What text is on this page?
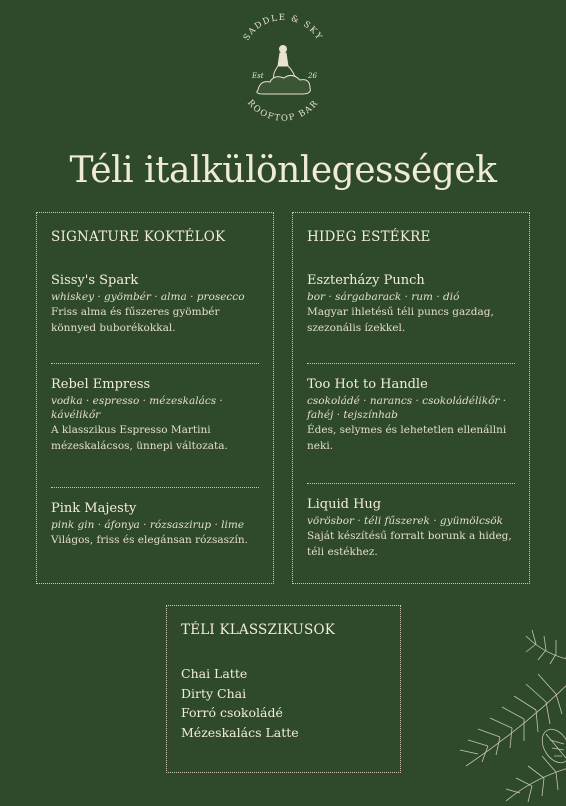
SADDLE & SKY
ROOFTOP BAR
Est	26
Téli italkülönlegességek
SIGNATURE KOKTÉLOK
Sissy's Spark
whiskey · gyömbér · alma · prosecco
Friss alma és fűszeres gyömbér könnyed buborékokkal.
Rebel Empress
vodka · espresso · mézeskalács · kávélikőr
A klasszikus Espresso Martini mézeskalácsos, ünnepi változata.
Pink Majesty
pink gin · áfonya · rózsaszirup · lime
Világos, friss és elegánsan rózsaszín.
HIDEG ESTÉKRE
Eszterházy Punch
bor · sárgabarack · rum · dió
Magyar ihletésű téli puncs gazdag, szezonális ízekkel.
Too Hot to Handle
csokoládé · narancs · csokoládélikőr · fahéj · tejszínhab
Édes, selymes és lehetetlen ellenállni neki.
Liquid Hug
vörösbor · téli fűszerek · gyümölcsök
Saját készítésű forralt borunk a hideg, téli estékhez.
TÉLI KLASSZIKUSOK
Chai Latte
Dirty Chai
Forró csokoládé
Mézeskalács Latte
